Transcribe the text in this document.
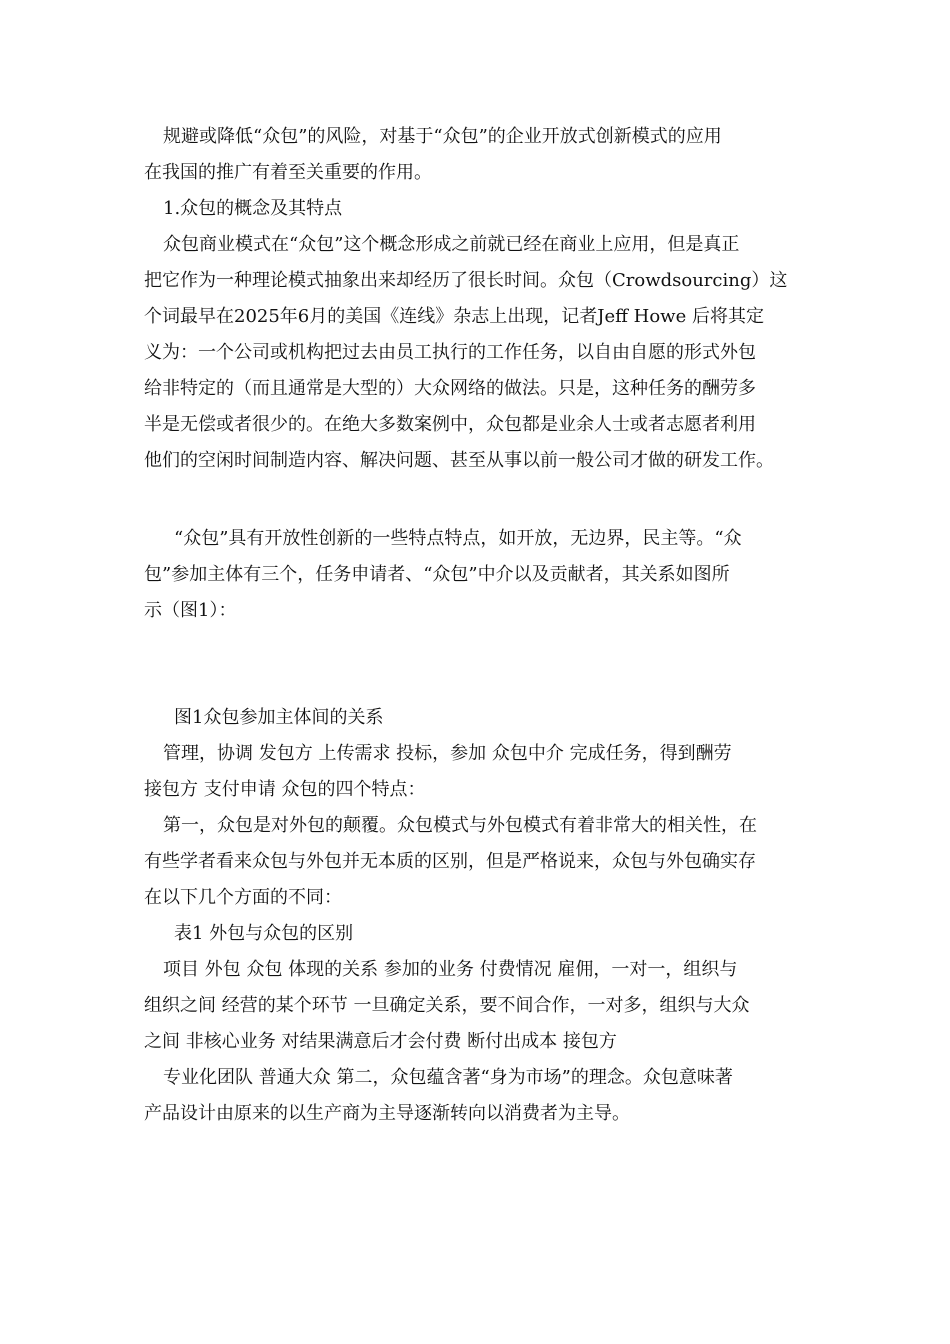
规避或降低“众包”的风险，对基于“众包”的企业开放式创新模式的应用
在我国的推广有着至关重要的作用。
1.众包的概念及其特点
众包商业模式在“众包”这个概念形成之前就已经在商业上应用，但是真正
把它作为一种理论模式抽象出来却经历了很长时间。众包（Crowdsourcing）这
个词最早在2025年6月的美国《连线》杂志上出现，记者Jeff Howe 后将其定
义为：一个公司或机构把过去由员工执行的工作任务，以自由自愿的形式外包
给非特定的（而且通常是大型的）大众网络的做法。只是，这种任务的酬劳多
半是无偿或者很少的。在绝大多数案例中，众包都是业余人士或者志愿者利用
他们的空闲时间制造内容、解决问题、甚至从事以前一般公司才做的研发工作。
“众包”具有开放性创新的一些特点特点，如开放，无边界，民主等。“众
包”参加主体有三个，任务申请者、“众包”中介以及贡献者，其关系如图所
示（图1）：
图1众包参加主体间的关系
管理，协调 发包方 上传需求 投标，参加 众包中介 完成任务，得到酬劳
接包方 支付申请 众包的四个特点：
第一，众包是对外包的颠覆。众包模式与外包模式有着非常大的相关性，在
有些学者看来众包与外包并无本质的区别，但是严格说来，众包与外包确实存
在以下几个方面的不同：
表1 外包与众包的区别
项目 外包 众包 体现的关系 参加的业务 付费情况 雇佣，一对一，组织与
组织之间 经营的某个环节 一旦确定关系，要不间合作，一对多，组织与大众
之间 非核心业务 对结果满意后才会付费 断付出成本 接包方
专业化团队 普通大众 第二，众包蕴含著“身为市场”的理念。众包意味著
产品设计由原来的以生产商为主导逐渐转向以消费者为主导。
